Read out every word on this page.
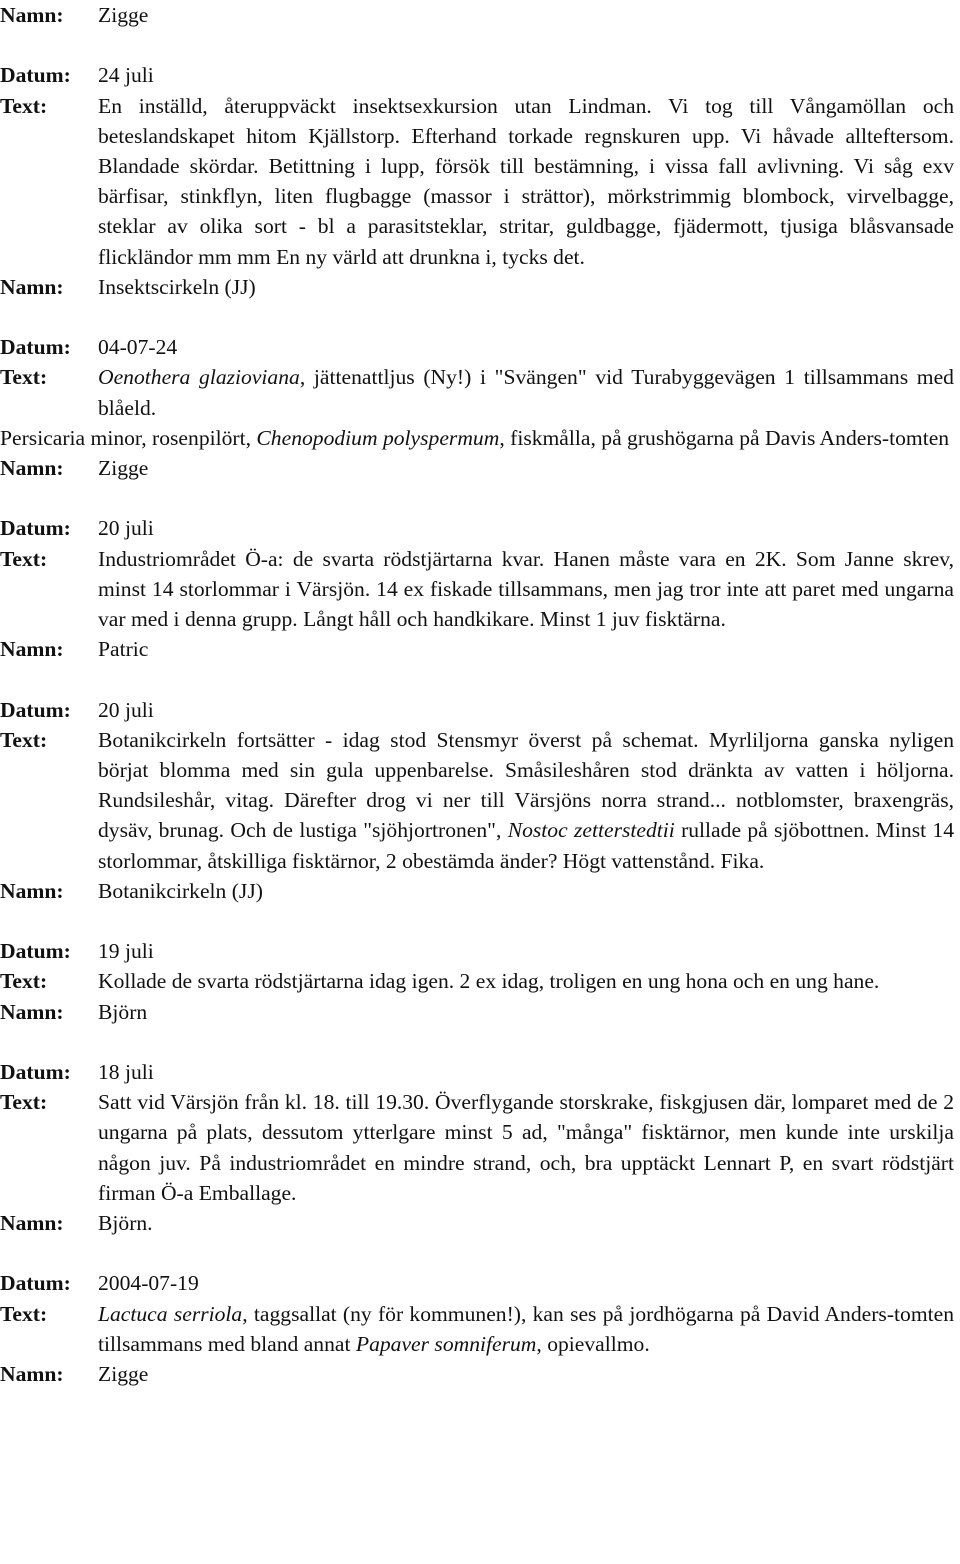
Namn:	Zigge
Datum:	24 juli
Text:	En inställd, återuppväckt insektsexkursion utan Lindman. Vi tog till Vångamöllan och beteslandskapet hitom Kjällstorp. Efterhand torkade regnskuren upp. Vi håvade allteftersom. Blandade skördar. Betittning i lupp, försök till bestämning, i vissa fall avlivning. Vi såg exv bärfisar, stinkflyn, liten flugbagge (massor i strättor), mörkstrimmig blombock, virvelbagge, steklar av olika sort - bl a parasitsteklar, stritar, guldbagge, fjädermott, tjusiga blåsvansade flickländor mm mm En ny värld att drunkna i, tycks det.
Namn:	Insektscirkeln (JJ)
Datum:	04-07-24
Text:	Oenothera glazioviana, jättenattljus (Ny!) i "Svängen" vid Turabyggevägen 1 tillsammans med blåeld.
Persicaria minor, rosenpilört, Chenopodium polyspermum, fiskmålla, på grushögarna på Davis Anders-tomten
Namn:	Zigge
Datum:	20 juli
Text:	Industriområdet Ö-a: de svarta rödstjärtarna kvar. Hanen måste vara en 2K. Som Janne skrev, minst 14 storlommar i Värsjön. 14 ex fiskade tillsammans, men jag tror inte att paret med ungarna var med i denna grupp. Långt håll och handkikare. Minst 1 juv fisktärna.
Namn:	Patric
Datum:	20 juli
Text:	Botanikcirkeln fortsätter - idag stod Stensmyr överst på schemat. Myrliljorna ganska nyligen börjat blomma med sin gula uppenbarelse. Småsileshåren stod dränkta av vatten i höljorna. Rundsileshår, vitag. Därefter drog vi ner till Värsjöns norra strand... notblomster, braxengräs, dysäv, brunag. Och de lustiga "sjöhjortronen", Nostoc zetterstedtii rullade på sjöbottnen. Minst 14 storlommar, åtskilliga fisktärnor, 2 obestämda änder? Högt vattenstånd. Fika.
Namn:	Botanikcirkeln (JJ)
Datum:	19 juli
Text:	Kollade de svarta rödstjärtarna idag igen. 2 ex idag, troligen en ung hona och en ung hane.
Namn:	Björn
Datum:	18 juli
Text:	Satt vid Värsjön från kl. 18. till 19.30. Överflygande storskrake, fiskgjusen där, lomparet med de 2 ungarna på plats, dessutom ytterlgare minst 5 ad, "många" fisktärnor, men kunde inte urskilja någon juv. På industriområdet en mindre strand, och, bra upptäckt Lennart P, en svart rödstjärt firman Ö-a Emballage.
Namn:	Björn.
Datum:	2004-07-19
Text:	Lactuca serriola, taggsallat (ny för kommunen!), kan ses på jordhögarna på David Anders-tomten tillsammans med bland annat Papaver somniferum, opievallmo.
Namn:	Zigge
